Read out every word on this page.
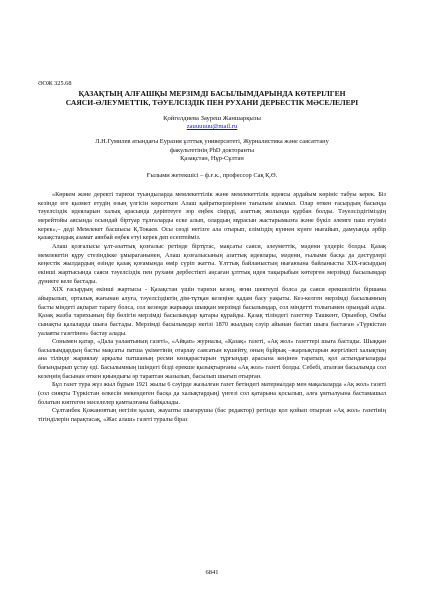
ӘОЖ 325.68

ҚАЗАҚТЫҢ АЛҒАШҚЫ МЕРЗІМДІ БАСЫЛЫМДАРЫНДА КӨТЕРІЛГЕН
САЯСИ-ӘЛЕУМЕТТІК, ТӘУЕЛСІЗДІК ПЕН РУХАНИ ДЕРБЕСТІК МӘСЕЛЕЛЕРІ

Қойгелдиева Зауреш Жаншарқызы

zauuuuuu@mail.ru

Л.Н.Гумилев атындағы Еуразия ұлттық университеті, Журналистика және саясаттану

факультетінің PhD докторанты

Қазақстан, Нұр-Сұлтан

Ғылыми жетекшісі – ф.ғ.к., профессор Сақ Қ.Ө.

«Көркем және деректі тарихи туындыларда мемлекеттілік және мемлекеттілік идеясы әрдайым көрініс табуы керек. Біз кезінде еге қызмет етудің өзың үлгісін көрсеткен Алаш қайраткерлерінен тағылым аламыз. Олар өткен ғасырдың басында тәуелсіздік идеяларын халық арасында дәріптеуге зор еңбек сіңірді, азаттық жолында құрбан болды. Тәуелсіздігіміздің мерейтойы аясында осындай біртуар тұлғаларды еске алып, олардың мұрасын жастарымызға және бүкіл әлемге паш етуіміз керек»,– деді Мемлекет басшысы Қ.Токаев. Осы сөзді негізге ала отырып, еліміздің күннен күнге нығайып, дамуында әрбір қазақстандық азамат аянбай еңбек етуі керек деп есептейміз.

Алаш қозғалысы ұлт-азаттық қозғалыс ретінде біртұтас, мақсаты саяси, әлеуметтік, мәдени үлдеріс болды. Қазақ мемлекетін құру стезіндікке ұмыраганынен, Алаш қозғалысының азаттық идеялары, мәдени, ғылыми басқа да дәстүрлері кеңестік жылдардың өзінде қазақ қоғамында өмір сүріп жатты. Ұлттық байланыстың нығаюына байланысты XIX-ғасырдың екінші жартысында саяси тәуелсіздік пен рухани дербестікті аңсаған ұлттық идея тақырыбын көтерген мерзімді басылымдар дүниеге келе бастады.

XIX ғасырдың екінші жартысы - Қазақстан үшін тарихи кезең, яғни шектеулі болса да саяси ерекшелігін біршама айырылып, орталық жағынан алуға, тәуелсіздіктің дім-тұтқан кезеңіне қадам басу уақыты. Кез-келген мерзімді басылымның басты міндеті ақпарат тарату болса, сол кезеңде жарыққа шыққан мерзімді басылымдар, сол міндетті толығымен орындай алды. Қазақ жазба тарихының бір бөлігін мерзімді басылымдар қатары құрайды. Қазақ тіліндегі газеттер Ташкент, Орынбор, Омбы сынақты қалаларда шыға бастады. Мерзімді басылымдар негізі 1870 жылдың сәуір айынан бастап шыға бастаған «Түркістан уалаяты газетінен» бастау алады.

Сонымен қатар, «Дала уалаятының газеті», «Айқап» журналы, «Қазақ» газеті, «Ақ жол» газеттері шыға бастады. Шыққан басылымдардың басты мақсаты патша үкіметінің отарлау саясатын күшейту, оның бұйрық –жарлықтарын жергілікті халықтың ана тілінде жариялау арқылы патшаның ресми көзқарастарын тұрғындар арасына кеңінен таратып, қол астындағыларды бағындырып ұстау еді. Басылымның ішіндегі бізді ерекше қызықтырғаны «Ақ жол» газеті болды. Себебі, аталған басылымда сол кезеңнің басынан өткен қиындығы әр тараптан жазылып, басылып шығып отырған.

Бұл газет тура жүз жыл бұрын 1921 жылы 6 сәуірде жазылған газет бетіндегі материалдар мен мақалаларда «Ақ жол» газеті (сол сияқты Түркістан өлкесін мекендеген басқа да халықтардың) үнгезі сол қатарына қосылып, алға ұмтылуына бастамашыл болатын көптеген мәселелер қамтылғаны байқалады.

Сұлтанбек Қожановтың негізін қалап, жауапты шығарушы (бас редактор) ретінде қол қойып отырған «Ақ жол» газетінің тігінділерін парақтасақ, «Жас алаш» газеті туралы біраз

6841
